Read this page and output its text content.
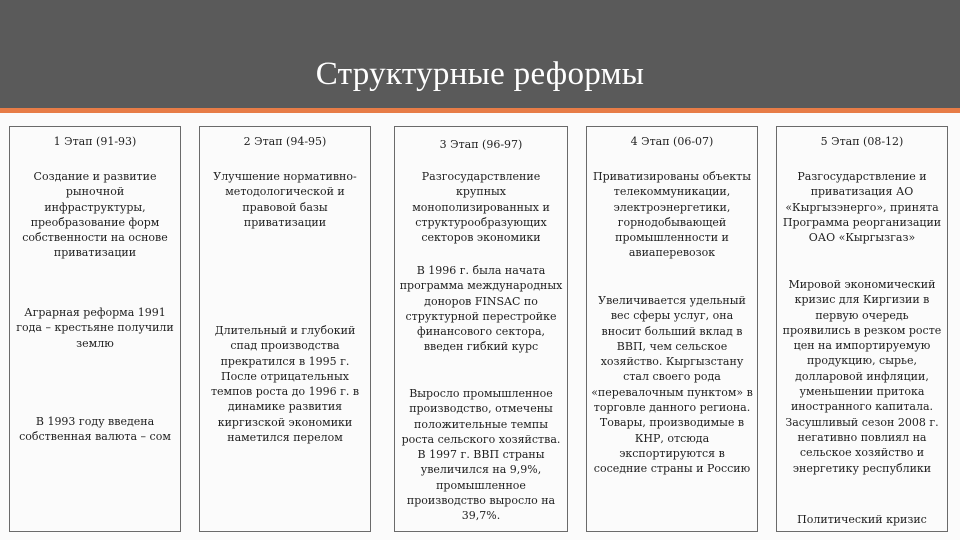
Структурные реформы
1 Этап (91-93)
Создание и развитие рыночной инфраструктуры, преобразование форм собственности на основе приватизации
Аграрная реформа 1991 года – крестьяне получили землю
В 1993 году введена собственная валюта – сом
2 Этап (94-95)
Улучшение нормативно-методологической и правовой базы приватизации
Длительный и глубокий спад производства прекратился в 1995 г. После отрицательных темпов роста до 1996 г. в динамике развития киргизской экономики наметился перелом
3 Этап (96-97)
Разгосударствление крупных монополизированных и структурообразующих секторов экономики
В 1996 г. была начата программа международных доноров FINSAC по структурной перестройке финансового сектора, введен гибкий курс
Выросло промышленное производство, отмечены положительные темпы роста сельского хозяйства. В 1997 г. ВВП страны увеличился на 9,9%, промышленное производство выросло на 39,7%.
4 Этап (06-07)
Приватизированы объекты телекоммуникации, электроэнергетики, горнодобывающей промышленности и авиаперевозок
Увеличивается удельный вес сферы услуг, она вносит больший вклад в ВВП, чем сельское хозяйство. Кыргызстану стал своего рода «перевалочным пунктом» в торговле данного региона. Товары, производимые в КНР, отсюда экспортируются в соседние страны и Россию
5 Этап (08-12)
Разгосударствление и приватизация АО «Кыргызэнерго», принята Программа реорганизации ОАО «Кыргызгаз»
Мировой экономический кризис для Киргизии в первую очередь проявились в резком росте цен на импортируемую продукцию, сырье, долларовой инфляции, уменьшении притока иностранного капитала. Засушливый сезон 2008 г. негативно повлиял на сельское хозяйство и энергетику республики
Политический кризис
